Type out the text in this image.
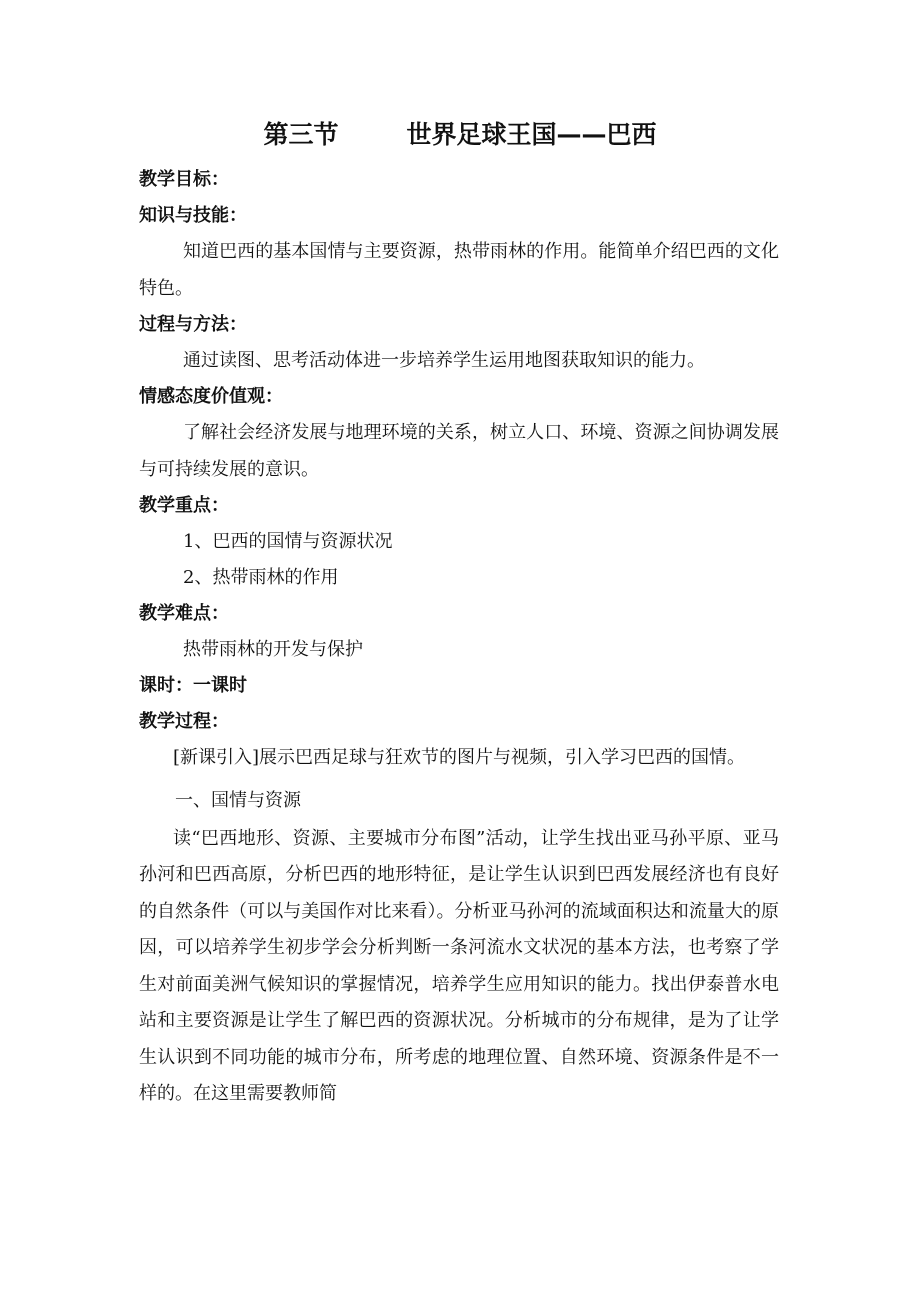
第三节	世界足球王国——巴西
教学目标：
知识与技能：
知道巴西的基本国情与主要资源，热带雨林的作用。能简单介绍巴西的文化特色。
过程与方法：
通过读图、思考活动体进一步培养学生运用地图获取知识的能力。
情感态度价值观：
了解社会经济发展与地理环境的关系，树立人口、环境、资源之间协调发展与可持续发展的意识。
教学重点：
1、巴西的国情与资源状况
2、热带雨林的作用
教学难点：
热带雨林的开发与保护
课时：一课时
教学过程：
[新课引入]展示巴西足球与狂欢节的图片与视频，引入学习巴西的国情。
一、国情与资源
读“巴西地形、资源、主要城市分布图”活动，让学生找出亚马孙平原、亚马孙河和巴西高原，分析巴西的地形特征，是让学生认识到巴西发展经济也有良好的自然条件（可以与美国作对比来看）。分析亚马孙河的流域面积达和流量大的原因，可以培养学生初步学会分析判断一条河流水文状况的基本方法，也考察了学生对前面美洲气候知识的掌握情况，培养学生应用知识的能力。找出伊泰普水电站和主要资源是让学生了解巴西的资源状况。分析城市的分布规律，是为了让学生认识到不同功能的城市分布，所考虑的地理位置、自然环境、资源条件是不一样的。在这里需要教师简
